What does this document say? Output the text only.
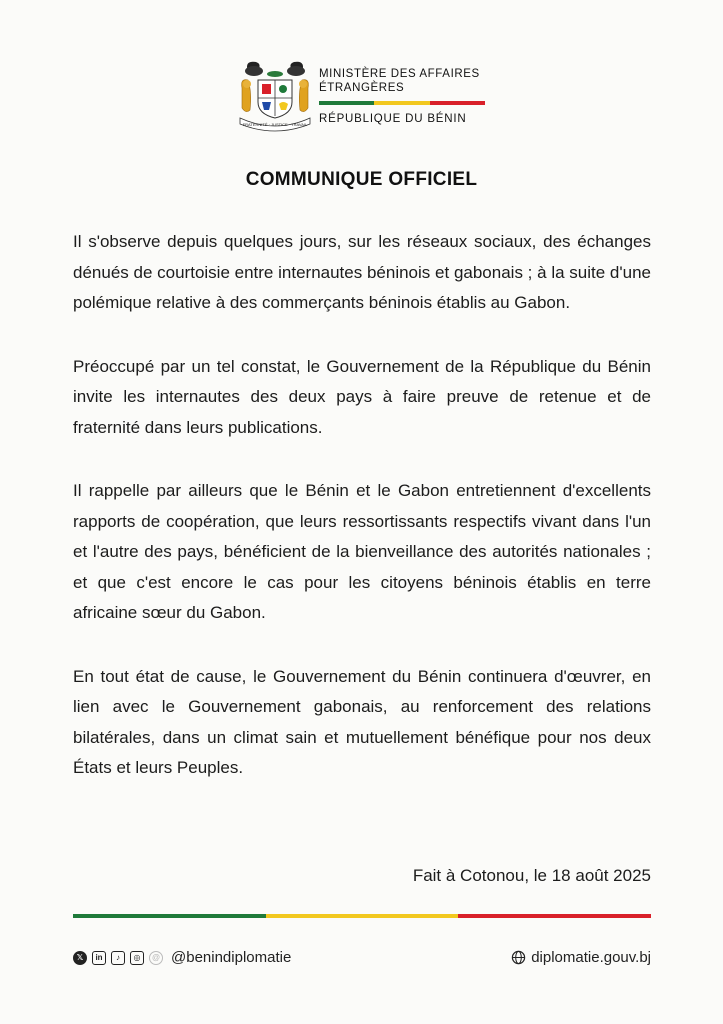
FRATERNITÉ · JUSTICE · TRAVAIL
MINISTÈRE DES AFFAIRES
ÉTRANGÈRES
RÉPUBLIQUE DU BÉNIN
COMMUNIQUE OFFICIEL

Il s'observe depuis quelques jours, sur les réseaux sociaux, des échanges dénués de courtoisie entre internautes béninois et gabonais ; à la suite d'une polémique relative à des commerçants béninois établis au Gabon.

Préoccupé par un tel constat, le Gouvernement de la République du Bénin invite les internautes des deux pays à faire preuve de retenue et de fraternité dans leurs publications.

Il rappelle par ailleurs que le Bénin et le Gabon entretiennent d'excellents rapports de coopération, que leurs ressortissants respectifs vivant dans l'un et l'autre des pays, bénéficient de la bienveillance des autorités nationales ; et que c'est encore le cas pour les citoyens béninois établis en terre africaine sœur du Gabon.

En tout état de cause, le Gouvernement du Bénin continuera d'œuvrer, en lien avec le Gouvernement gabonais, au renforcement des relations bilatérales, dans un climat sain et mutuellement bénéfique pour nos deux États et leurs Peuples.

Fait à Cotonou, le 18 août 2025
𝕏	in	♪	◎	@ @benindiplomatie	diplomatie.gouv.bj
